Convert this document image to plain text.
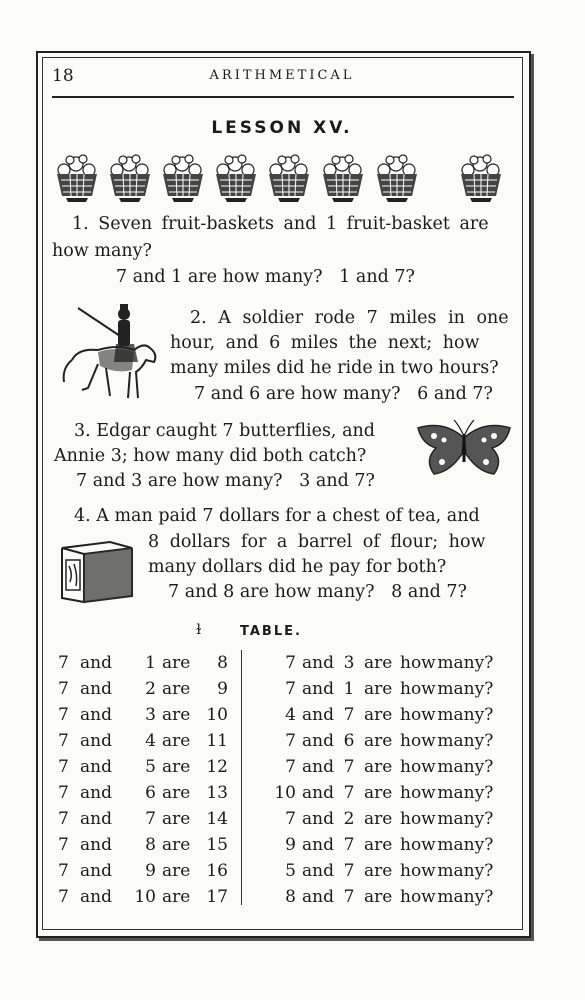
18	ARITHMETICAL
LESSON XV.
1. Seven fruit-baskets and 1 fruit-basket are
how many?
7 and 1 are how many?   1 and 7?
2. A soldier rode 7 miles in one
hour, and 6 miles the next; how
many miles did he ride in two hours?
7 and 6 are how many?   6 and 7?
3. Edgar caught 7 butterflies, and
Annie 3; how many did both catch?
7 and 3 are how many?   3 and 7?
4. A man paid 7 dollars for a chest of tea, and
8 dollars for a barrel of flour; how
many dollars did he pay for both?
7 and 8 are how many?   8 and 7?
ɫ	TABLE.
7 and 1 are 8
7 and 2 are 9
7 and 3 are 10
7 and 4 are 11
7 and 5 are 12
7 and 6 are 13
7 and 7 are 14
7 and 8 are 15
7 and 9 are 16
7 and 10 are 17
7 and 3 are how many?
7 and 1 are how many?
4 and 7 are how many?
7 and 6 are how many?
7 and 7 are how many?
10 and 7 are how many?
7 and 2 are how many?
9 and 7 are how many?
5 and 7 are how many?
8 and 7 are how many?
